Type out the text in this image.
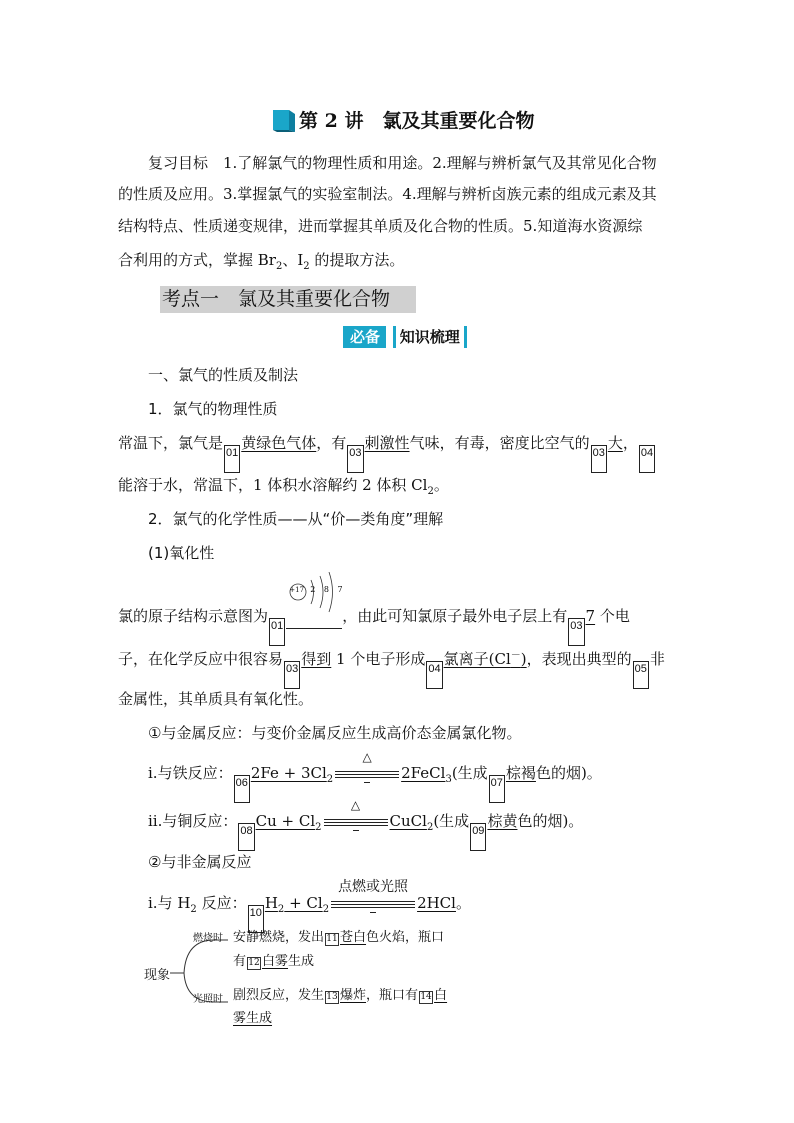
第 2 讲　氯及其重要化合物
复习目标　1.了解氯气的物理性质和用途。2.理解与辨析氯气及其常见化合物
的性质及应用。3.掌握氯气的实验室制法。4.理解与辨析卤族元素的组成元素及其
结构特点、性质递变规律，进而掌握其单质及化合物的性质。5.知道海水资源综
合利用的方式，掌握 $Br_2$、$I_2$ 的提取方法。
考点一　氯及其重要化合物
必备 知识梳理
一、氯气的性质及制法
1．氯气的物理性质
常温下，氯气是01黄绿色气体，有03刺激性气味，有毒，密度比空气的03大，04
能溶于水，常温下，1 体积水溶解约 2 体积 $Cl_2$。
2．氯气的化学性质——从“价—类角度”理解
(1)氧化性
氯的原子结构示意图为01
+17 2 8 7
，由此可知氯原子最外电子层上有037 个电
子，在化学反应中很容易03得到 1 个电子形成04氯离子(Cl－)，表现出典型的05非
金属性，其单质具有氧化性。
①与金属反应：与变价金属反应生成高价态金属氯化物。
ⅰ.与铁反应：$062Fe + 3Cl_2$
△
2FeCl$_3$(生成07棕褐色的烟)。
ⅱ.与铜反应：$08Cu + Cl_2$
△
CuCl$_2$(生成09棕黄色的烟)。
②与非金属反应
ⅰ.与 $H_2$ 反应：$10H_2 + Cl_2$
点燃或光照
2HCl。
现象
燃烧时
光照时
安静燃烧，发出 11 苍白色火焰，瓶口
有 12 白雾生成
剧烈反应，发生 13 爆炸，瓶口有 14 白
雾生成
